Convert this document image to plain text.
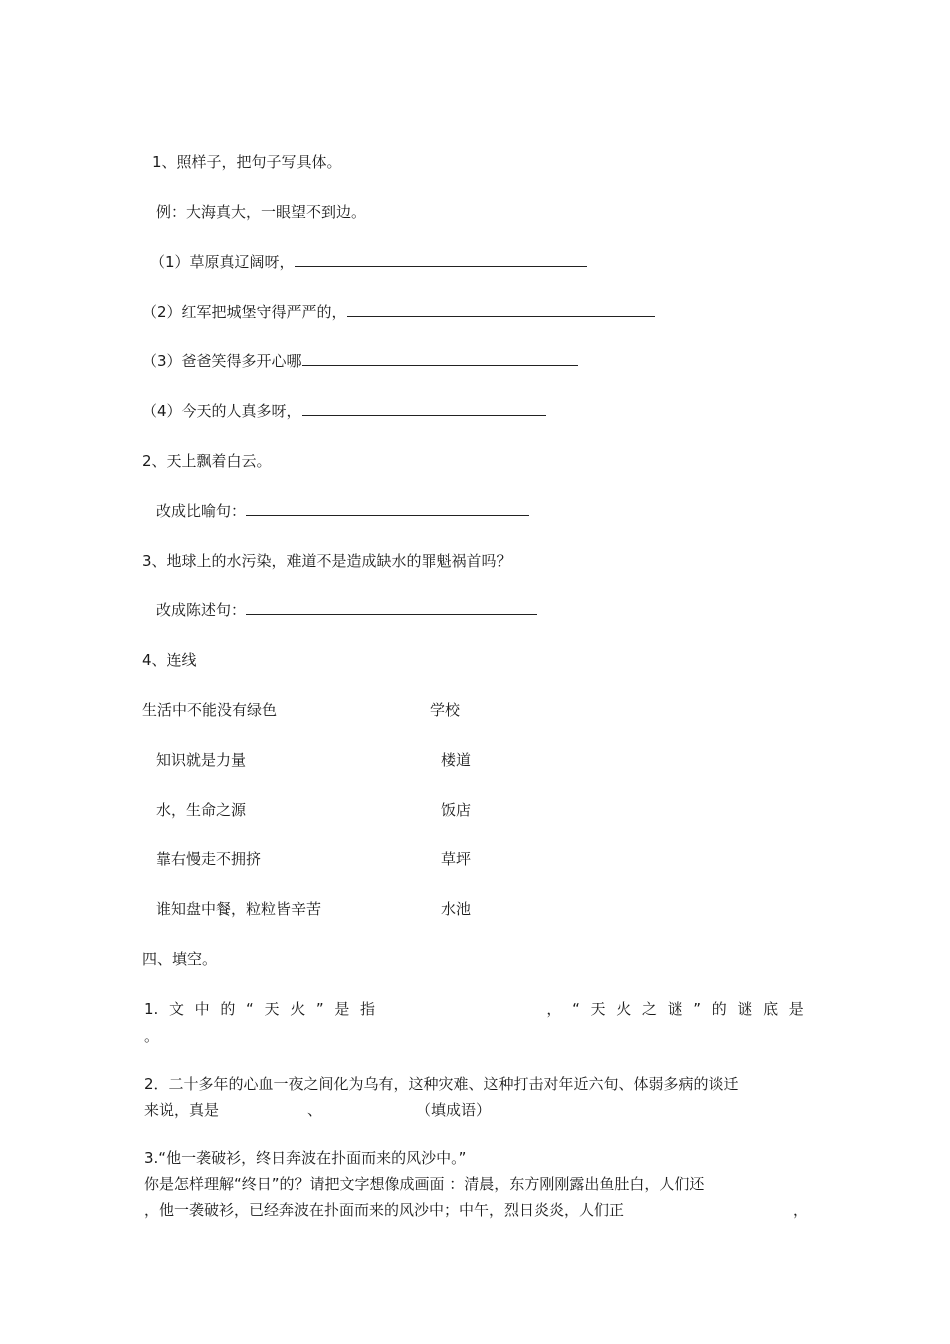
1、照样子，把句子写具体。
例：大海真大，一眼望不到边。
（1）草原真辽阔呀，
（2）红军把城堡守得严严的，
（3）爸爸笑得多开心哪
（4）今天的人真多呀，
2、天上飘着白云。
改成比喻句：
3、地球上的水污染，难道不是造成缺水的罪魁祸首吗？
改成陈述句：
4、连线
生活中不能没有绿色	学校
知识就是力量	楼道
水，生命之源	饭店
靠右慢走不拥挤	草坪
谁知盘中餐，粒粒皆辛苦	水池
四、填空。
1. 文 中 的 “ 天 火 ” 是 指	， “ 天 火 之 谜 ” 的 谜 底 是
。
2．二十多年的心血一夜之间化为乌有，这种灾难、这种打击对年近六旬、体弱多病的谈迁
来说，真是	、	（填成语）
3.“他一袭破衫，终日奔波在扑面而来的风沙中。”
你是怎样理解“终日”的？请把文字想像成画面 ：清晨，东方刚刚露出鱼肚白，人们还
，他一袭破衫，已经奔波在扑面而来的风沙中；中午，烈日炎炎，人们正	，
